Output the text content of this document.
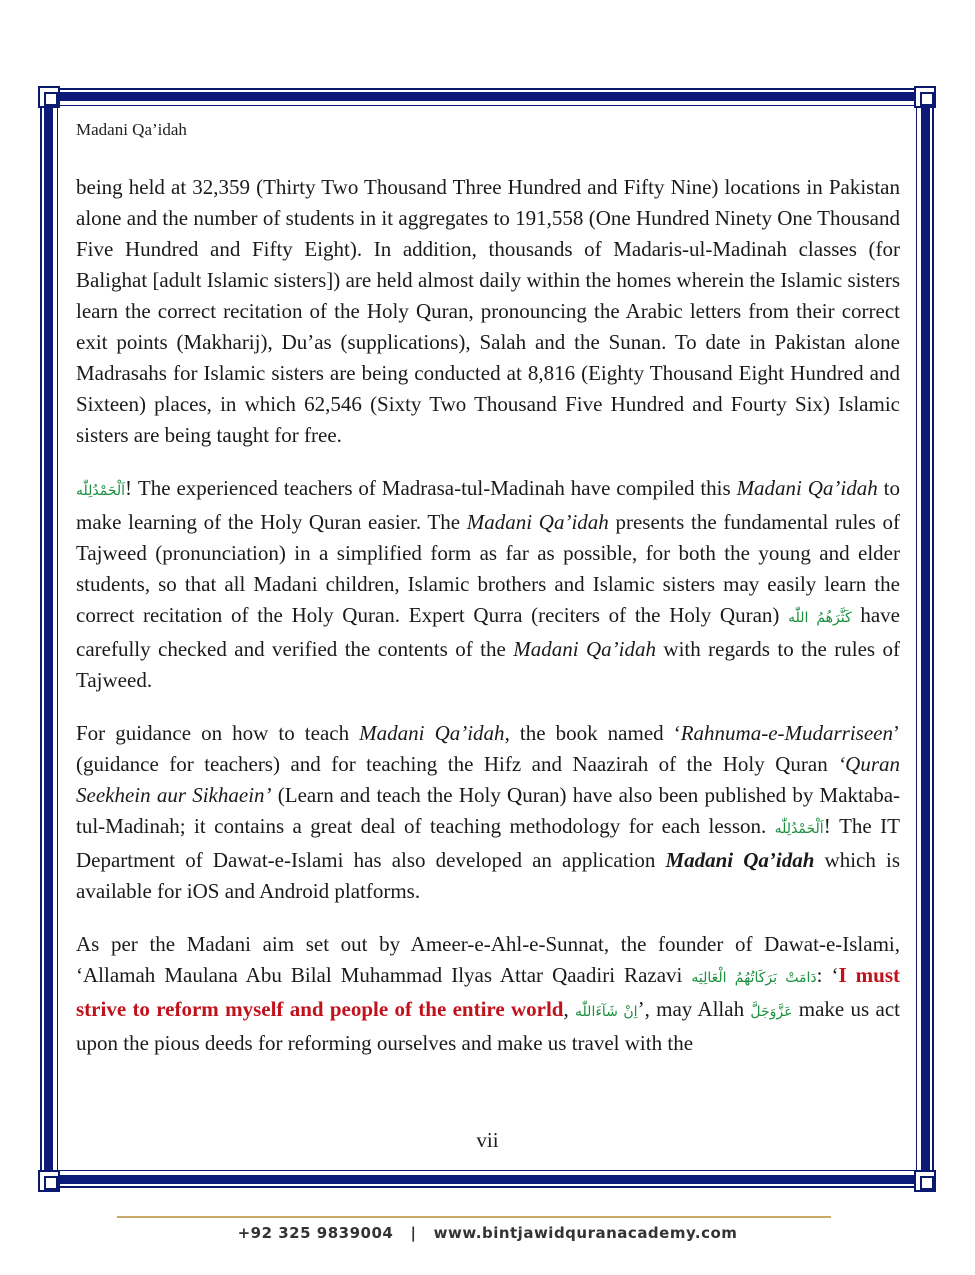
Madani Qa’idah

being held at 32,359 (Thirty Two Thousand Three Hundred and Fifty Nine) locations in Pakistan alone and the number of students in it aggregates to 191,558 (One Hundred Ninety One Thousand Five Hundred and Fifty Eight). In addition, thousands of Madaris-ul-Madinah classes (for Balighat [adult Islamic sisters]) are held almost daily within the homes wherein the Islamic sisters learn the correct recitation of the Holy Quran, pronouncing the Arabic letters from their correct exit points (Makharij), Du’as (supplications), Salah and the Sunan. To date in Pakistan alone Madrasahs for Islamic sisters are being conducted at 8,816 (Eighty Thousand Eight Hundred and Sixteen) places, in which 62,546 (Sixty Two Thousand Five Hundred and Fourty Six) Islamic sisters are being taught for free.

اَلْحَمْدُلِلّٰه! The experienced teachers of Madrasa-tul-Madinah have compiled this Madani Qa’idah to make learning of the Holy Quran easier. The Madani Qa’idah presents the fundamental rules of Tajweed (pronunciation) in a simplified form as far as possible, for both the young and elder students, so that all Madani children, Islamic brothers and Islamic sisters may easily learn the correct recitation of the Holy Quran. Expert Qurra (reciters of the Holy Quran) كَثَّرَهُمُ اللّٰه have carefully checked and verified the contents of the Madani Qa’idah with regards to the rules of Tajweed.

For guidance on how to teach Madani Qa’idah, the book named ‘Rahnuma-e-Mudarriseen’ (guidance for teachers) and for teaching the Hifz and Naazirah of the Holy Quran ‘Quran Seekhein aur Sikhaein’ (Learn and teach the Holy Quran) have also been published by Maktaba-tul-Madinah; it contains a great deal of teaching methodology for each lesson. اَلْحَمْدُلِلّٰه! The IT Department of Dawat-e-Islami has also developed an application Madani Qa’idah which is available for iOS and Android platforms.

As per the Madani aim set out by Ameer-e-Ahl-e-Sunnat, the founder of Dawat-e-Islami, ‘Allamah Maulana Abu Bilal Muhammad Ilyas Attar Qaadiri Razavi دَامَتْ بَرَكَاتُهُمُ الْعَالِيَه: ‘I must strive to reform myself and people of the entire world, اِنْ شَآءَاللّٰه’, may Allah عَزَّوَجَلَّ make us act upon the pious deeds for reforming ourselves and make us travel with the

vii
+92 325 9839004   |   www.bintjawidquranacademy.com
